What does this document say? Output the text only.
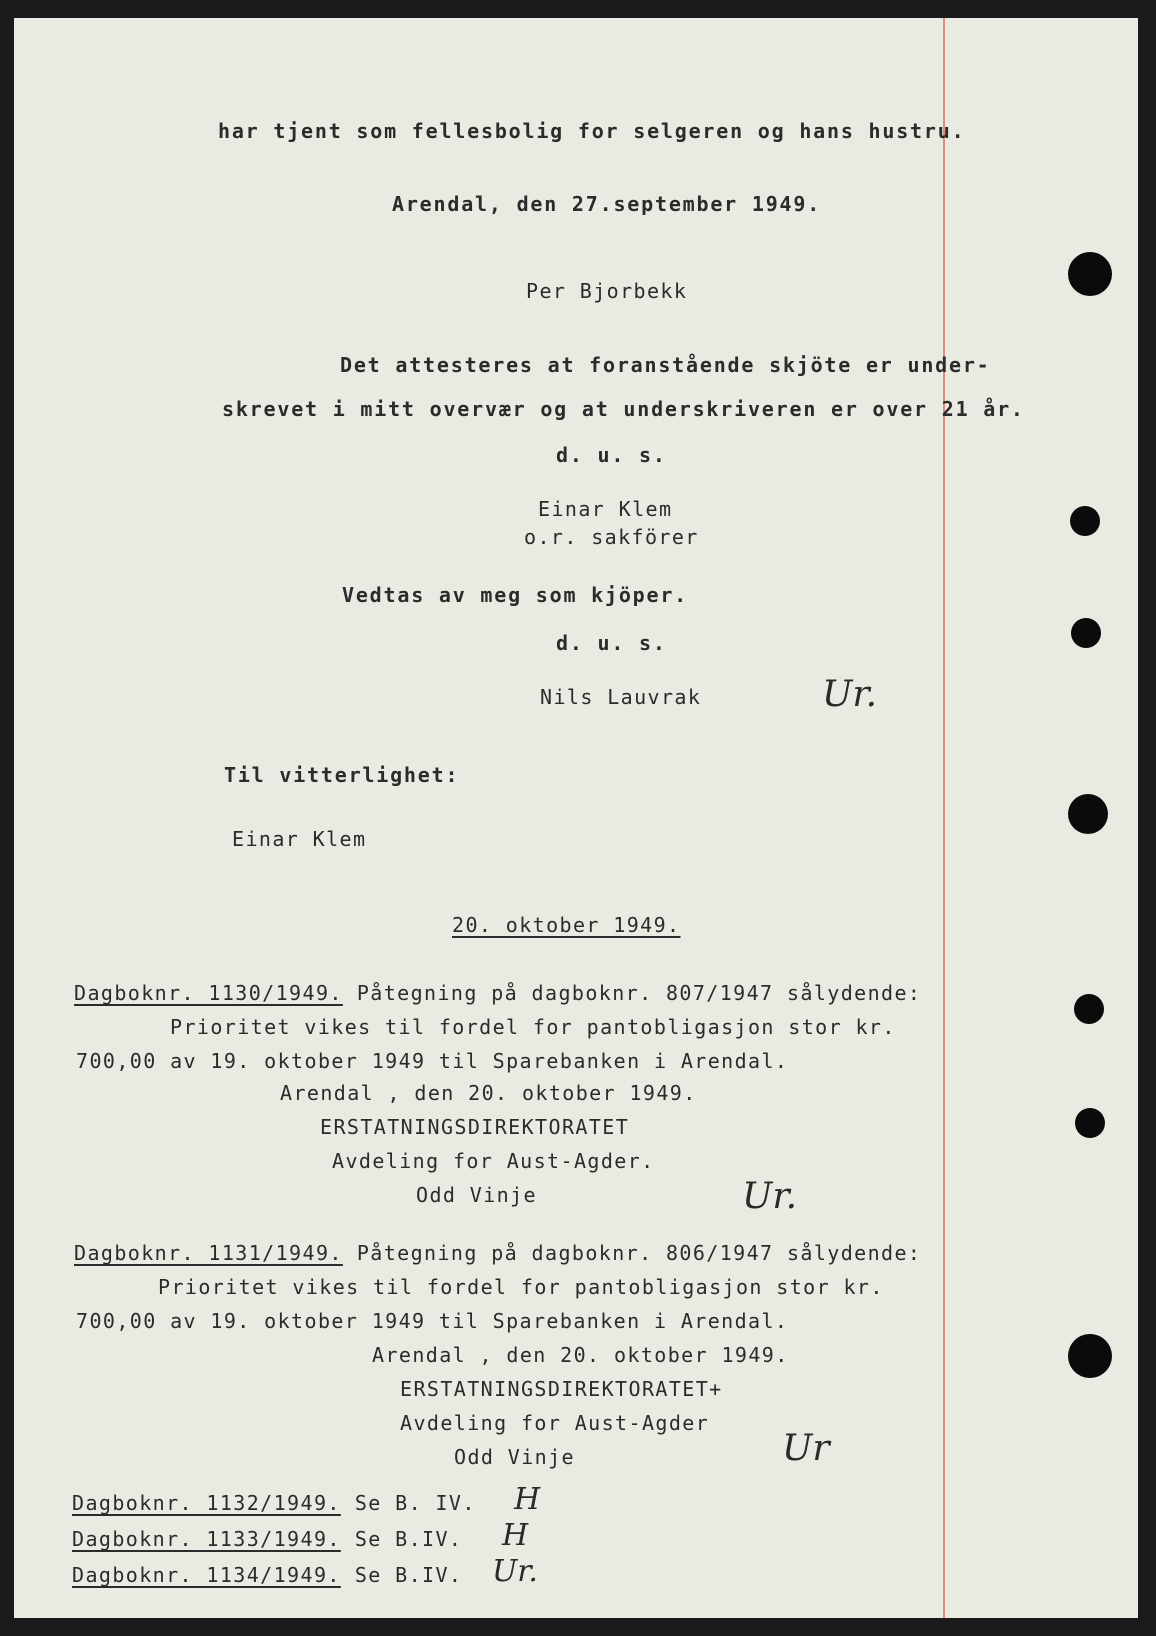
har tjent som fellesbolig for selgeren og hans hustru.
Arendal, den 27.september 1949.
Per Bjorbekk
Det attesteres at foranstående skjöte er under-
skrevet i mitt overvær og at underskriveren er over 21 år.
d. u. s.
Einar Klem
o.r. sakförer
Vedtas av meg som kjöper.
d. u. s.
Nils Lauvrak	Ur.
Til vitterlighet:
Einar Klem
20. oktober 1949.
Dagboknr. 1130/1949. Påtegning på dagboknr. 807/1947 sålydende:
Prioritet vikes til fordel for pantobligasjon stor kr.
700,00 av 19. oktober 1949 til Sparebanken i Arendal.
Arendal , den 20. oktober 1949.
ERSTATNINGSDIREKTORATET
Avdeling for Aust-Agder.
Odd Vinje	Ur.
Dagboknr. 1131/1949. Påtegning på dagboknr. 806/1947 sålydende:
Prioritet vikes til fordel for pantobligasjon stor kr.
700,00 av 19. oktober 1949 til Sparebanken i Arendal.
Arendal , den 20. oktober 1949.
ERSTATNINGSDIREKTORATET+
Avdeling for Aust-Agder
Odd Vinje	Ur
Dagboknr. 1132/1949. Se B. IV. H
Dagboknr. 1133/1949. Se B.IV. H
Dagboknr. 1134/1949. Se B.IV. Ur.
